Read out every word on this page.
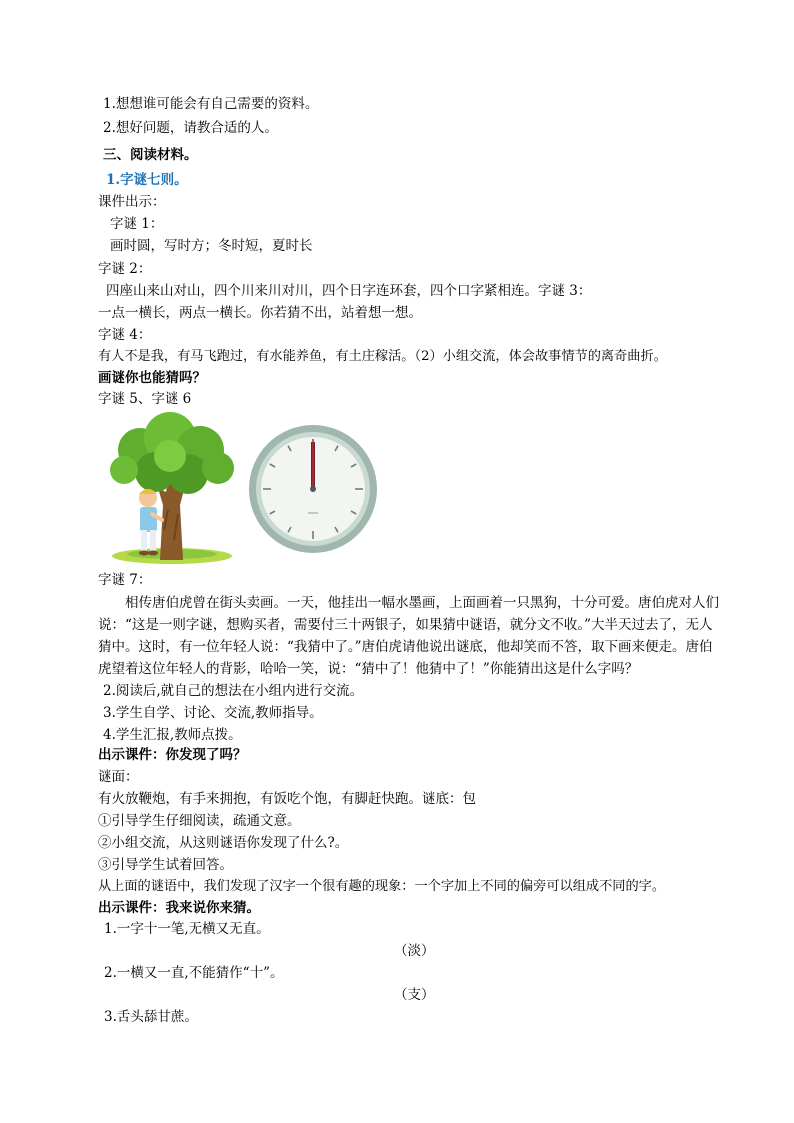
1.想想谁可能会有自己需要的资料。
2.想好问题，请教合适的人。
三、阅读材料。
1.字谜七则。
课件出示：
字谜 1：
画时圆，写时方；冬时短，夏时长
字谜 2：
四座山来山对山，四个川来川对川，四个日字连环套，四个口字紧相连。字谜 3：
一点一横长，两点一横长。你若猜不出，站着想一想。
字谜 4：
有人不是我，有马飞跑过，有水能养鱼，有土庄稼活。（2）小组交流，体会故事情节的离奇曲折。
画谜你也能猜吗？
字谜 5、字谜 6
字谜 7：
相传唐伯虎曾在街头卖画。一天，他挂出一幅水墨画，上面画着一只黑狗，十分可爱。唐伯虎对人们说：“这是一则字谜，想购买者，需要付三十两银子，如果猜中谜语，就分文不收。”大半天过去了，无人猜中。这时，有一位年轻人说：“我猜中了。”唐伯虎请他说出谜底，他却笑而不答，取下画来便走。唐伯虎望着这位年轻人的背影，哈哈一笑，说：“猜中了！他猜中了！”你能猜出这是什么字吗？
2.阅读后,就自己的想法在小组内进行交流。
3.学生自学、讨论、交流,教师指导。
4.学生汇报,教师点拨。
出示课件：你发现了吗？
谜面：
有火放鞭炮，有手来拥抱，有饭吃个饱，有脚赶快跑。谜底：包
①引导学生仔细阅读，疏通文意。
②小组交流，从这则谜语你发现了什么?。
③引导学生试着回答。
从上面的谜语中，我们发现了汉字一个很有趣的现象：一个字加上不同的偏旁可以组成不同的字。
出示课件：我来说你来猜。
1.一字十一笔,无横又无直。
（淡）
2.一横又一直,不能猜作“十”。
（支）
3.舌头舔甘蔗。
